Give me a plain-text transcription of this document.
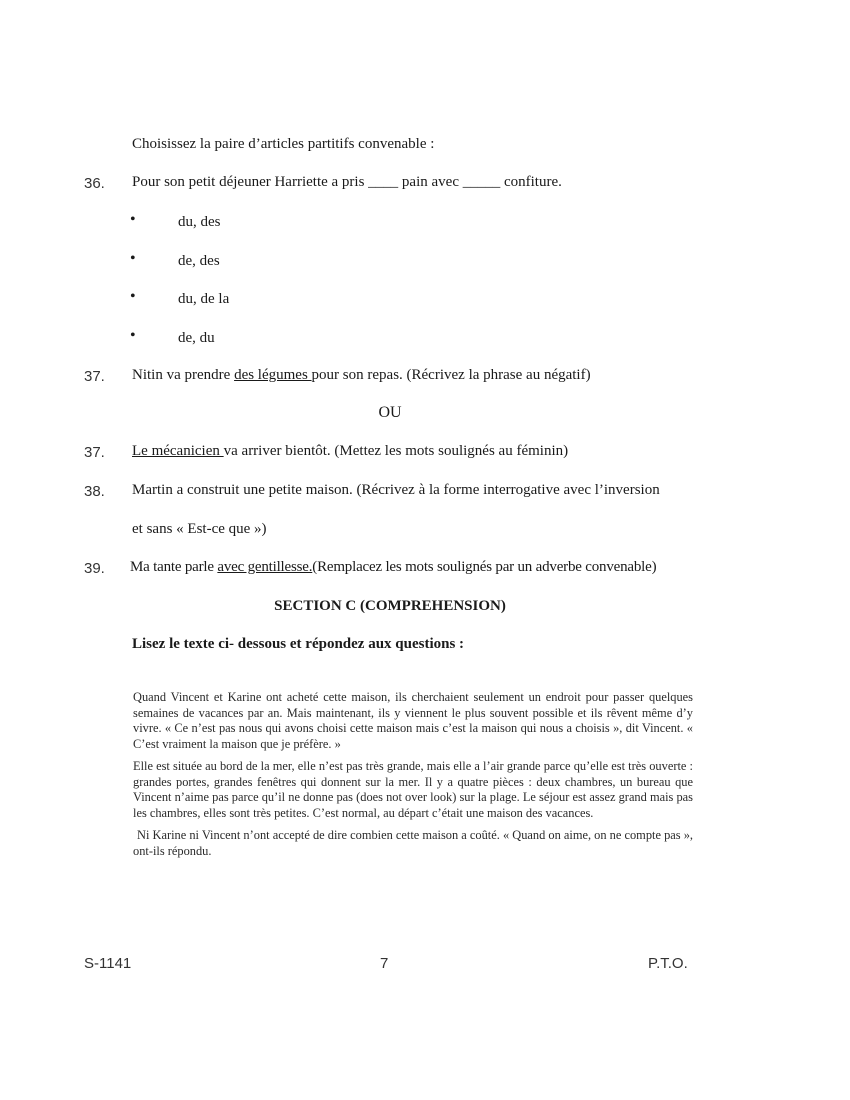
Choisissez la paire d’articles partitifs convenable :
36. Pour son petit déjeuner Harriette a pris ____ pain avec _____ confiture.
•	du, des
•	de, des
•	du, de la
•	de, du
37. Nitin va prendre des légumes pour son repas. (Récrivez la phrase au négatif)
OU
37. Le mécanicien va arriver bientôt. (Mettez les mots soulignés au féminin)
38. Martin a construit une petite maison. (Récrivez à la forme interrogative avec l’inversion
et sans « Est-ce que »)
39. Ma tante parle avec gentillesse.(Remplacez les mots soulignés par un adverbe convenable)
SECTION C (COMPREHENSION)
Lisez le texte ci- dessous et répondez aux questions :

Quand Vincent et Karine ont acheté cette maison, ils cherchaient seulement un endroit pour passer quelques semaines de vacances par an. Mais maintenant, ils y viennent le plus souvent possible et ils rêvent même d’y vivre. « Ce n’est pas nous qui avons choisi cette maison mais c’est la maison qui nous a choisis », dit Vincent. « C’est vraiment la maison que je préfère. »

Elle est située au bord de la mer, elle n’est pas très grande, mais elle a l’air grande parce qu’elle est très ouverte : grandes portes, grandes fenêtres qui donnent sur la mer. Il y a quatre pièces : deux chambres, un bureau que Vincent n’aime pas parce qu’il ne donne pas (does not over look) sur la plage. Le séjour est assez grand mais pas les chambres, elles sont très petites. C’est normal, au départ c’était une maison des vacances.

Ni Karine ni Vincent n’ont accepté de dire combien cette maison a coûté. « Quand on aime, on ne compte pas », ont-ils répondu.

S-1141	7	P.T.O.
